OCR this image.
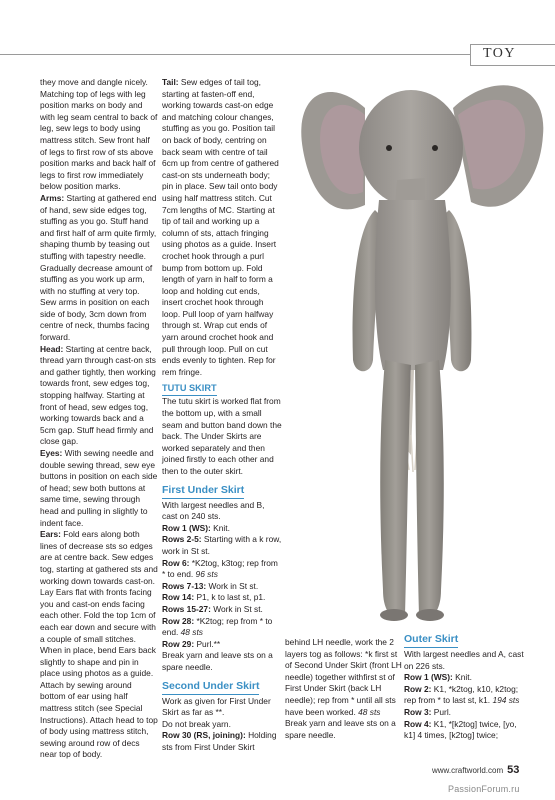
TOY

they move and dangle nicely. Matching top of legs with leg position marks on body and with leg seam central to back of leg, sew legs to body using mattress stitch. Sew front half of legs to first row of sts above position marks and back half of legs to first row immediately below position marks.

Arms: Starting at gathered end of hand, sew side edges tog, stuffing as you go. Stuff hand and first half of arm quite firmly, shaping thumb by teasing out stuffing with tapestry needle. Gradually decrease amount of stuffing as you work up arm, with no stuffing at very top. Sew arms in position on each side of body, 3cm down from centre of neck, thumbs facing forward.

Head: Starting at centre back, thread yarn through cast-on sts and gather tightly, then working towards front, sew edges tog, stopping halfway. Starting at front of head, sew edges tog, working towards back and a 5cm gap. Stuff head firmly and close gap.

Eyes: With sewing needle and double sewing thread, sew eye buttons in position on each side of head; sew both buttons at same time, sewing through head and pulling in slightly to indent face.

Ears: Fold ears along both lines of decrease sts so edges are at centre back. Sew edges tog, starting at gathered sts and working down towards cast-on. Lay Ears flat with fronts facing you and cast-on ends facing each other. Fold the top 1cm of each ear down and secure with a couple of small stitches. When in place, bend Ears back slightly to shape and pin in place using photos as a guide. Attach by sewing around bottom of ear using half mattress stitch (see Special Instructions). Attach head to top of body using mattress stitch, sewing around row of decs near top of body.

Tail: Sew edges of tail tog, starting at fasten-off end, working towards cast-on edge and matching colour changes, stuffing as you go. Position tail on back of body, centring on back seam with centre of tail 6cm up from centre of gathered cast-on sts underneath body; pin in place. Sew tail onto body using half mattress stitch. Cut 7cm lengths of MC. Starting at tip of tail and working up a column of sts, attach fringing using photos as a guide. Insert crochet hook through a purl bump from bottom up. Fold length of yarn in half to form a loop and holding cut ends, insert crochet hook through loop. Pull loop of yarn halfway through st. Wrap cut ends of yarn around crochet hook and pull through loop. Pull on cut ends evenly to tighten. Rep for rem fringe.

TUTU SKIRT

The tutu skirt is worked flat from the bottom up, with a small seam and button band down the back. The Under Skirts are worked separately and then joined firstly to each other and then to the outer skirt.

First Under Skirt

With largest needles and B, cast on 240 sts.

Row 1 (WS): Knit.

Rows 2-5: Starting with a k row, work in St st.

Row 6: *K2tog, k3tog; rep from * to end. 96 sts

Rows 7-13: Work in St st.

Row 14: P1, k to last st, p1.

Rows 15-27: Work in St st.

Row 28: *K2tog; rep from * to end. 48 sts

Row 29: Purl.**

Break yarn and leave sts on a spare needle.

Second Under Skirt

Work as given for First Under Skirt as far as **.

Do not break yarn.

Row 30 (RS, joining): Holding sts from First Under Skirt

behind LH needle, work the 2 layers tog as follows: *k first st of Second Under Skirt (front LH needle) together withfirst st of First Under Skirt (back LH needle); rep from * until all sts have been worked. 48 sts

Break yarn and leave sts on a spare needle.

Outer Skirt

With largest needles and A, cast on 226 sts.

Row 1 (WS): Knit.

Row 2: K1, *k2tog, k10, k2tog; rep from * to last st, k1. 194 sts

Row 3: Purl.

Row 4: K1, *[k2tog] twice, [yo, k1] 4 times, [k2tog] twice;

www.craftworld.com 53
PassionForum.ru
